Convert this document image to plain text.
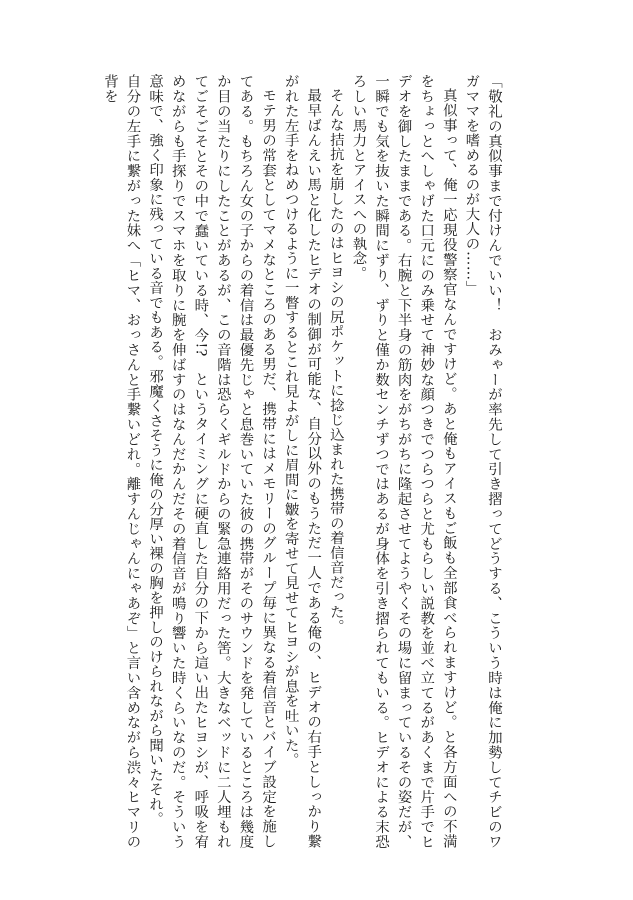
「敬礼の真似事まで付けんでいい！　おみゃーが率先して引き摺ってどうする、こういう時は俺に加勢してチビのワガママを嗜めるのが大人の……」

真似事って、俺一応現役警察官なんですけど。あと俺もアイスもご飯も全部食べられますけど。と各方面への不満をちょっとへしゃげた口元にのみ乗せて神妙な顔つきでつらつらと尤もらしい説教を並べ立てるがあくまで片手でヒデオを御したままである。右腕と下半身の筋肉をがちがちに隆起させてようやくその場に留まっているその姿だが、一瞬でも気を抜いた瞬間にずり、ずりと僅か数センチずつではあるが身体を引き摺られてもいる。ヒデオによる末恐ろしい馬力とアイスへの執念。

そんな拮抗を崩したのはヒヨシの尻ポケットに捻じ込まれた携帯の着信音だった。

最早ばんえい馬と化したヒデオの制御が可能な、自分以外のもうただ一人である俺の、ヒデオの右手としっかり繋がれた左手をねめつけるように一瞥するとこれ見よがしに眉間に皺を寄せて見せてヒヨシが息を吐いた。

モテ男の常套としてマメなところのある男だ、携帯にはメモリーのグループ毎に異なる着信音とバイブ設定を施してある。もちろん女の子からの着信は最優先じゃと息巻いていた彼の携帯がそのサウンドを発しているところは幾度か目の当たりにしたことがあるが、この音階は恐らくギルドからの緊急連絡用だった筈。大きなベッドに二人埋もれてごそごそとその中で蠢いている時、今!?　というタイミングに硬直した自分の下から這い出たヒヨシが、呼吸を宥めながらも手探りでスマホを取りに腕を伸ばすのはなんだかんだその着信音が鳴り響いた時くらいなのだ。そういう意味で、強く印象に残っている音でもある。邪魔くさそうに俺の分厚い裸の胸を押しのけられながら聞いたそれ。

自分の左手に繋がった妹へ「ヒマ、おっさんと手繋いどれ。離すんじゃんにゃあぞ」と言い含めながら渋々ヒマリの背を
